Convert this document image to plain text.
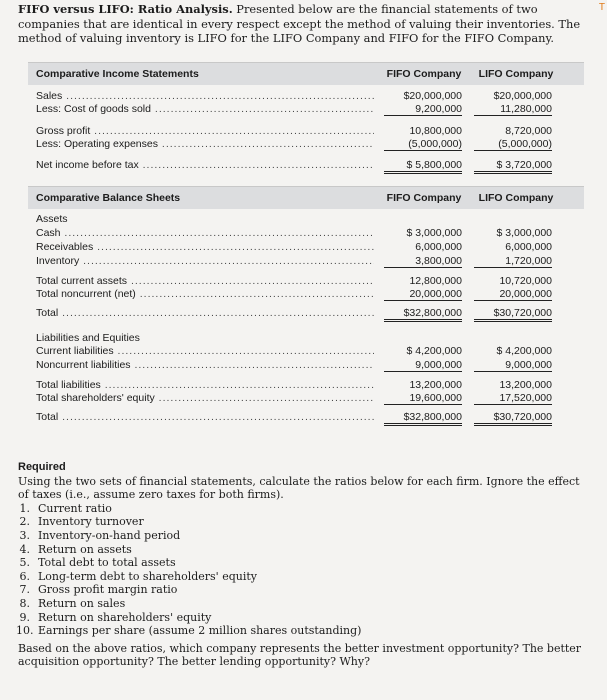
T
FIFO versus LIFO: Ratio Analysis. Presented below are the financial statements of two companies that are identical in every respect except the method of valuing their inventories. The method of valuing inventory is LIFO for the LIFO Company and FIFO for the FIFO Company.
Comparative Income Statements	FIFO Company	LIFO Company
Sales .....	$20,000,000	$20,000,000
Less: Cost of goods sold .....	9,200,000	11,280,000
Gross profit .....	10,800,000	8,720,000
Less: Operating expenses .....	(5,000,000)	(5,000,000)
Net income before tax .....	$ 5,800,000	$ 3,720,000
Comparative Balance Sheets	FIFO Company	LIFO Company
Assets
Cash .....	$ 3,000,000	$ 3,000,000
Receivables .....	6,000,000	6,000,000
Inventory .....	3,800,000	1,720,000
Total current assets .....	12,800,000	10,720,000
Total noncurrent (net) .....	20,000,000	20,000,000
Total .....	$32,800,000	$30,720,000
Liabilities and Equities
Current liabilities .....	$ 4,200,000	$ 4,200,000
Noncurrent liabilities .....	9,000,000	9,000,000
Total liabilities .....	13,200,000	13,200,000
Total shareholders' equity .....	19,600,000	17,520,000
Total .....	$32,800,000	$30,720,000
Required
Using the two sets of financial statements, calculate the ratios below for each firm. Ignore the effect of taxes (i.e., assume zero taxes for both firms).
1. Current ratio
2. Inventory turnover
3. Inventory-on-hand period
4. Return on assets
5. Total debt to total assets
6. Long-term debt to shareholders' equity
7. Gross profit margin ratio
8. Return on sales
9. Return on shareholders' equity
10. Earnings per share (assume 2 million shares outstanding)
Based on the above ratios, which company represents the better investment opportunity? The better acquisition opportunity? The better lending opportunity? Why?
